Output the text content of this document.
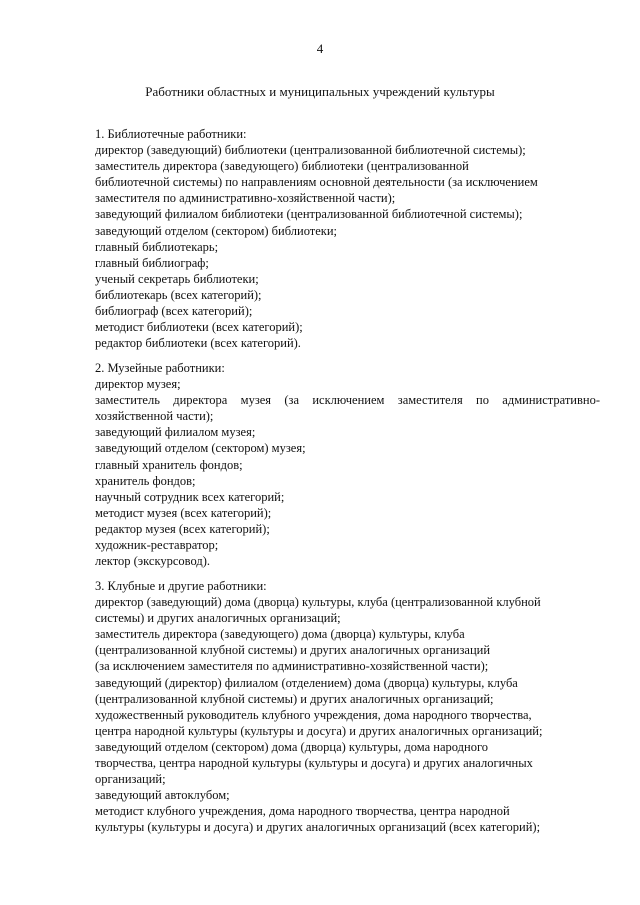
4
Работники областных и муниципальных учреждений культуры
1. Библиотечные работники:
директор (заведующий) библиотеки (централизованной библиотечной системы);
заместитель директора (заведующего) библиотеки (централизованной
библиотечной системы) по направлениям основной деятельности (за исключением
заместителя по административно-хозяйственной части);
заведующий филиалом библиотеки (централизованной библиотечной системы);
заведующий отделом (сектором) библиотеки;
главный библиотекарь;
главный библиограф;
ученый секретарь библиотеки;
библиотекарь (всех категорий);
библиограф (всех категорий);
методист библиотеки (всех категорий);
редактор библиотеки (всех категорий).
2. Музейные работники:
директор музея;
заместитель директора музея (за исключением заместителя по административно-
хозяйственной части);
заведующий филиалом музея;
заведующий отделом (сектором) музея;
главный хранитель фондов;
хранитель фондов;
научный сотрудник всех категорий;
методист музея (всех категорий);
редактор музея (всех категорий);
художник-реставратор;
лектор (экскурсовод).
3. Клубные и другие работники:
директор (заведующий) дома (дворца) культуры, клуба (централизованной клубной
системы) и других аналогичных организаций;
заместитель директора (заведующего) дома (дворца) культуры, клуба
(централизованной клубной системы) и других аналогичных организаций
(за исключением заместителя по административно-хозяйственной части);
заведующий (директор) филиалом (отделением) дома (дворца) культуры, клуба
(централизованной клубной системы) и других аналогичных организаций;
художественный руководитель клубного учреждения, дома народного творчества,
центра народной культуры (культуры и досуга) и других аналогичных организаций;
заведующий отделом (сектором) дома (дворца) культуры, дома народного
творчества, центра народной культуры (культуры и досуга) и других аналогичных
организаций;
заведующий автоклубом;
методист клубного учреждения, дома народного творчества, центра народной
культуры (культуры и досуга) и других аналогичных организаций (всех категорий);
